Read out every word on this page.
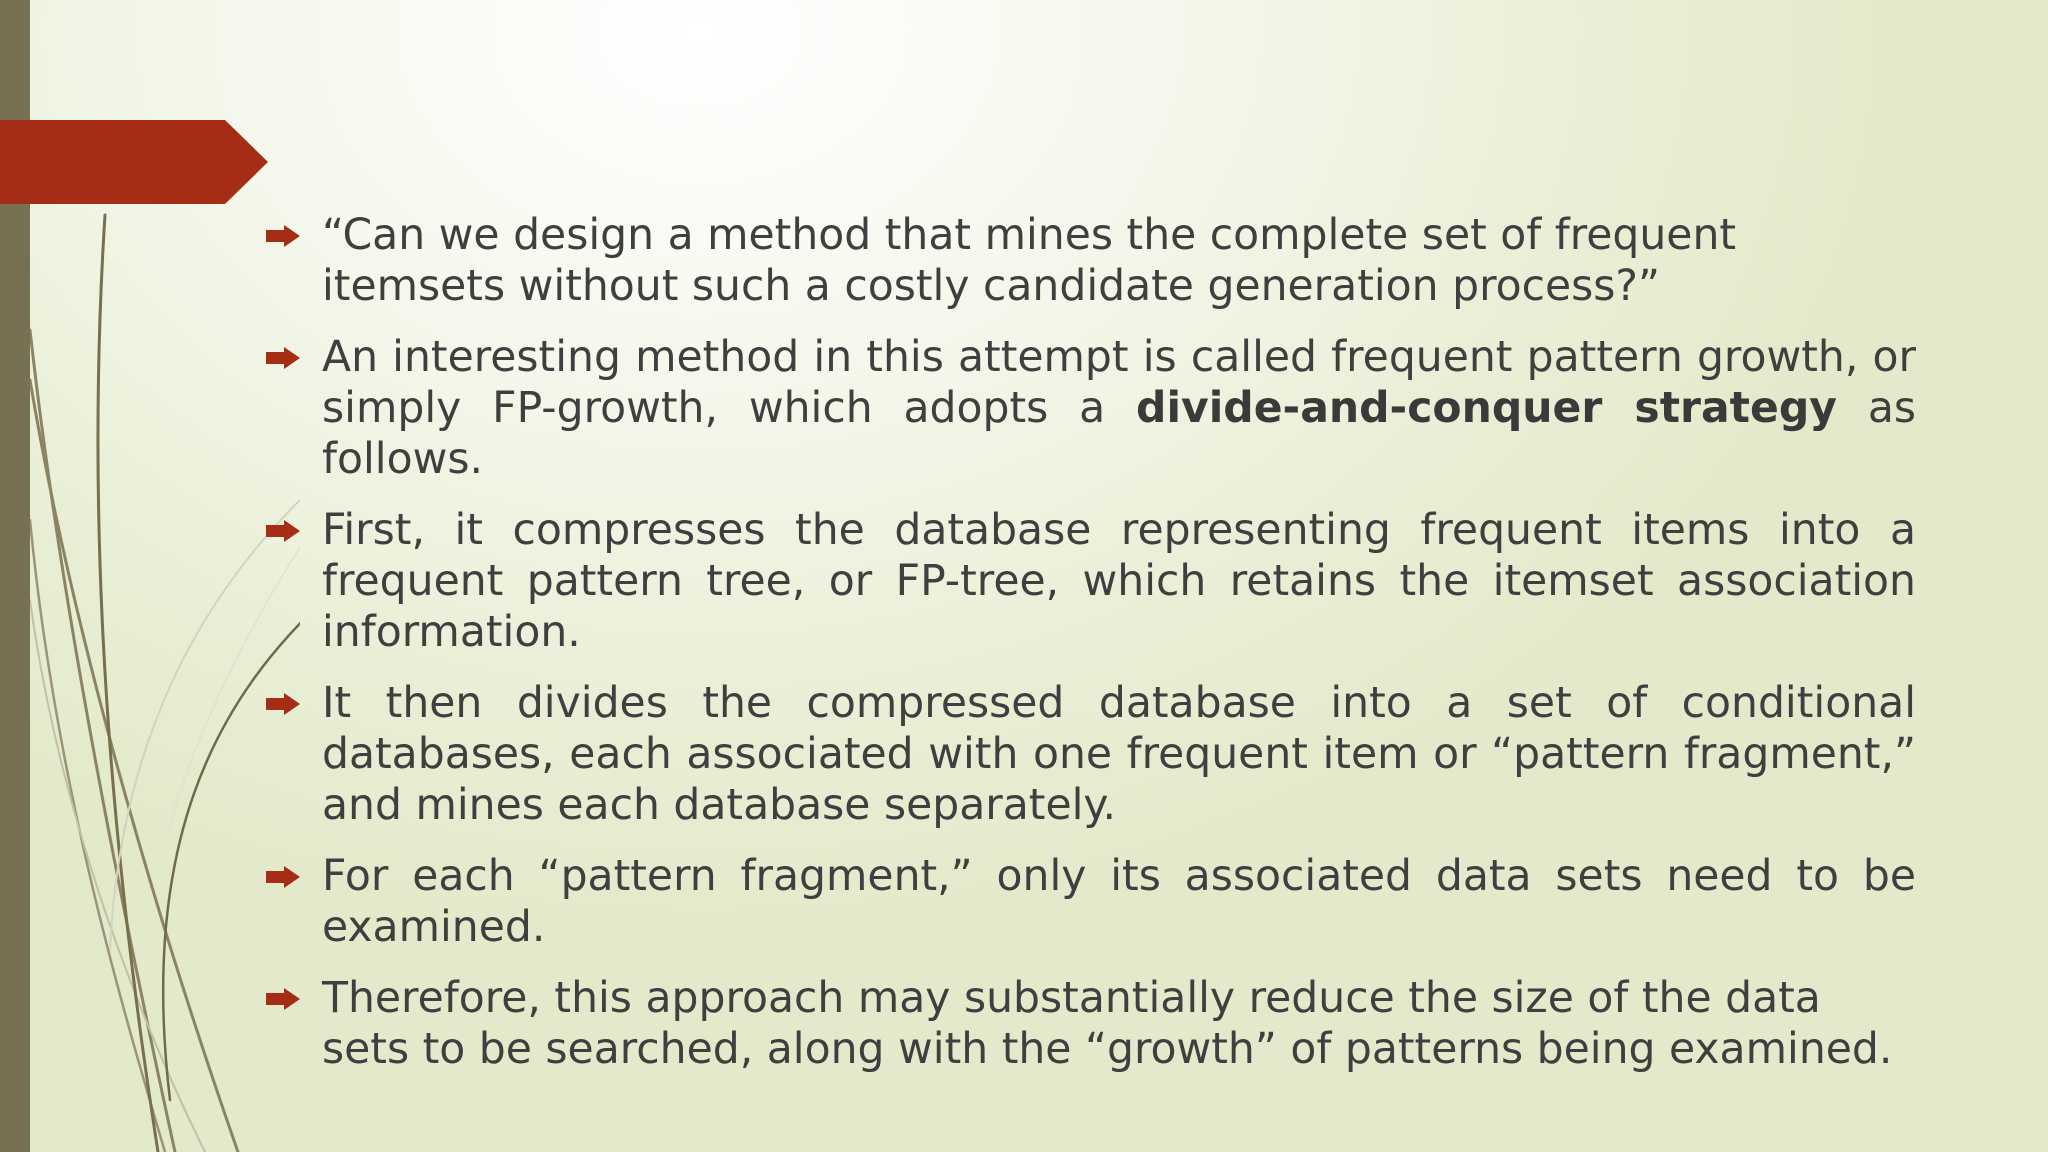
“Can we design a method that mines the complete set of frequent itemsets without such a costly candidate generation process?”
An interesting method in this attempt is called frequent pattern growth, or simply FP-growth, which adopts a divide-and-conquer strategy as follows.
First, it compresses the database representing frequent items into a frequent pattern tree, or FP-tree, which retains the itemset association information.
It then divides the compressed database into a set of conditional databases, each associated with one frequent item or “pattern fragment,” and mines each database separately.
For each “pattern fragment,” only its associated data sets need to be examined.
Therefore, this approach may substantially reduce the size of the data sets to be searched, along with the “growth” of patterns being examined.
